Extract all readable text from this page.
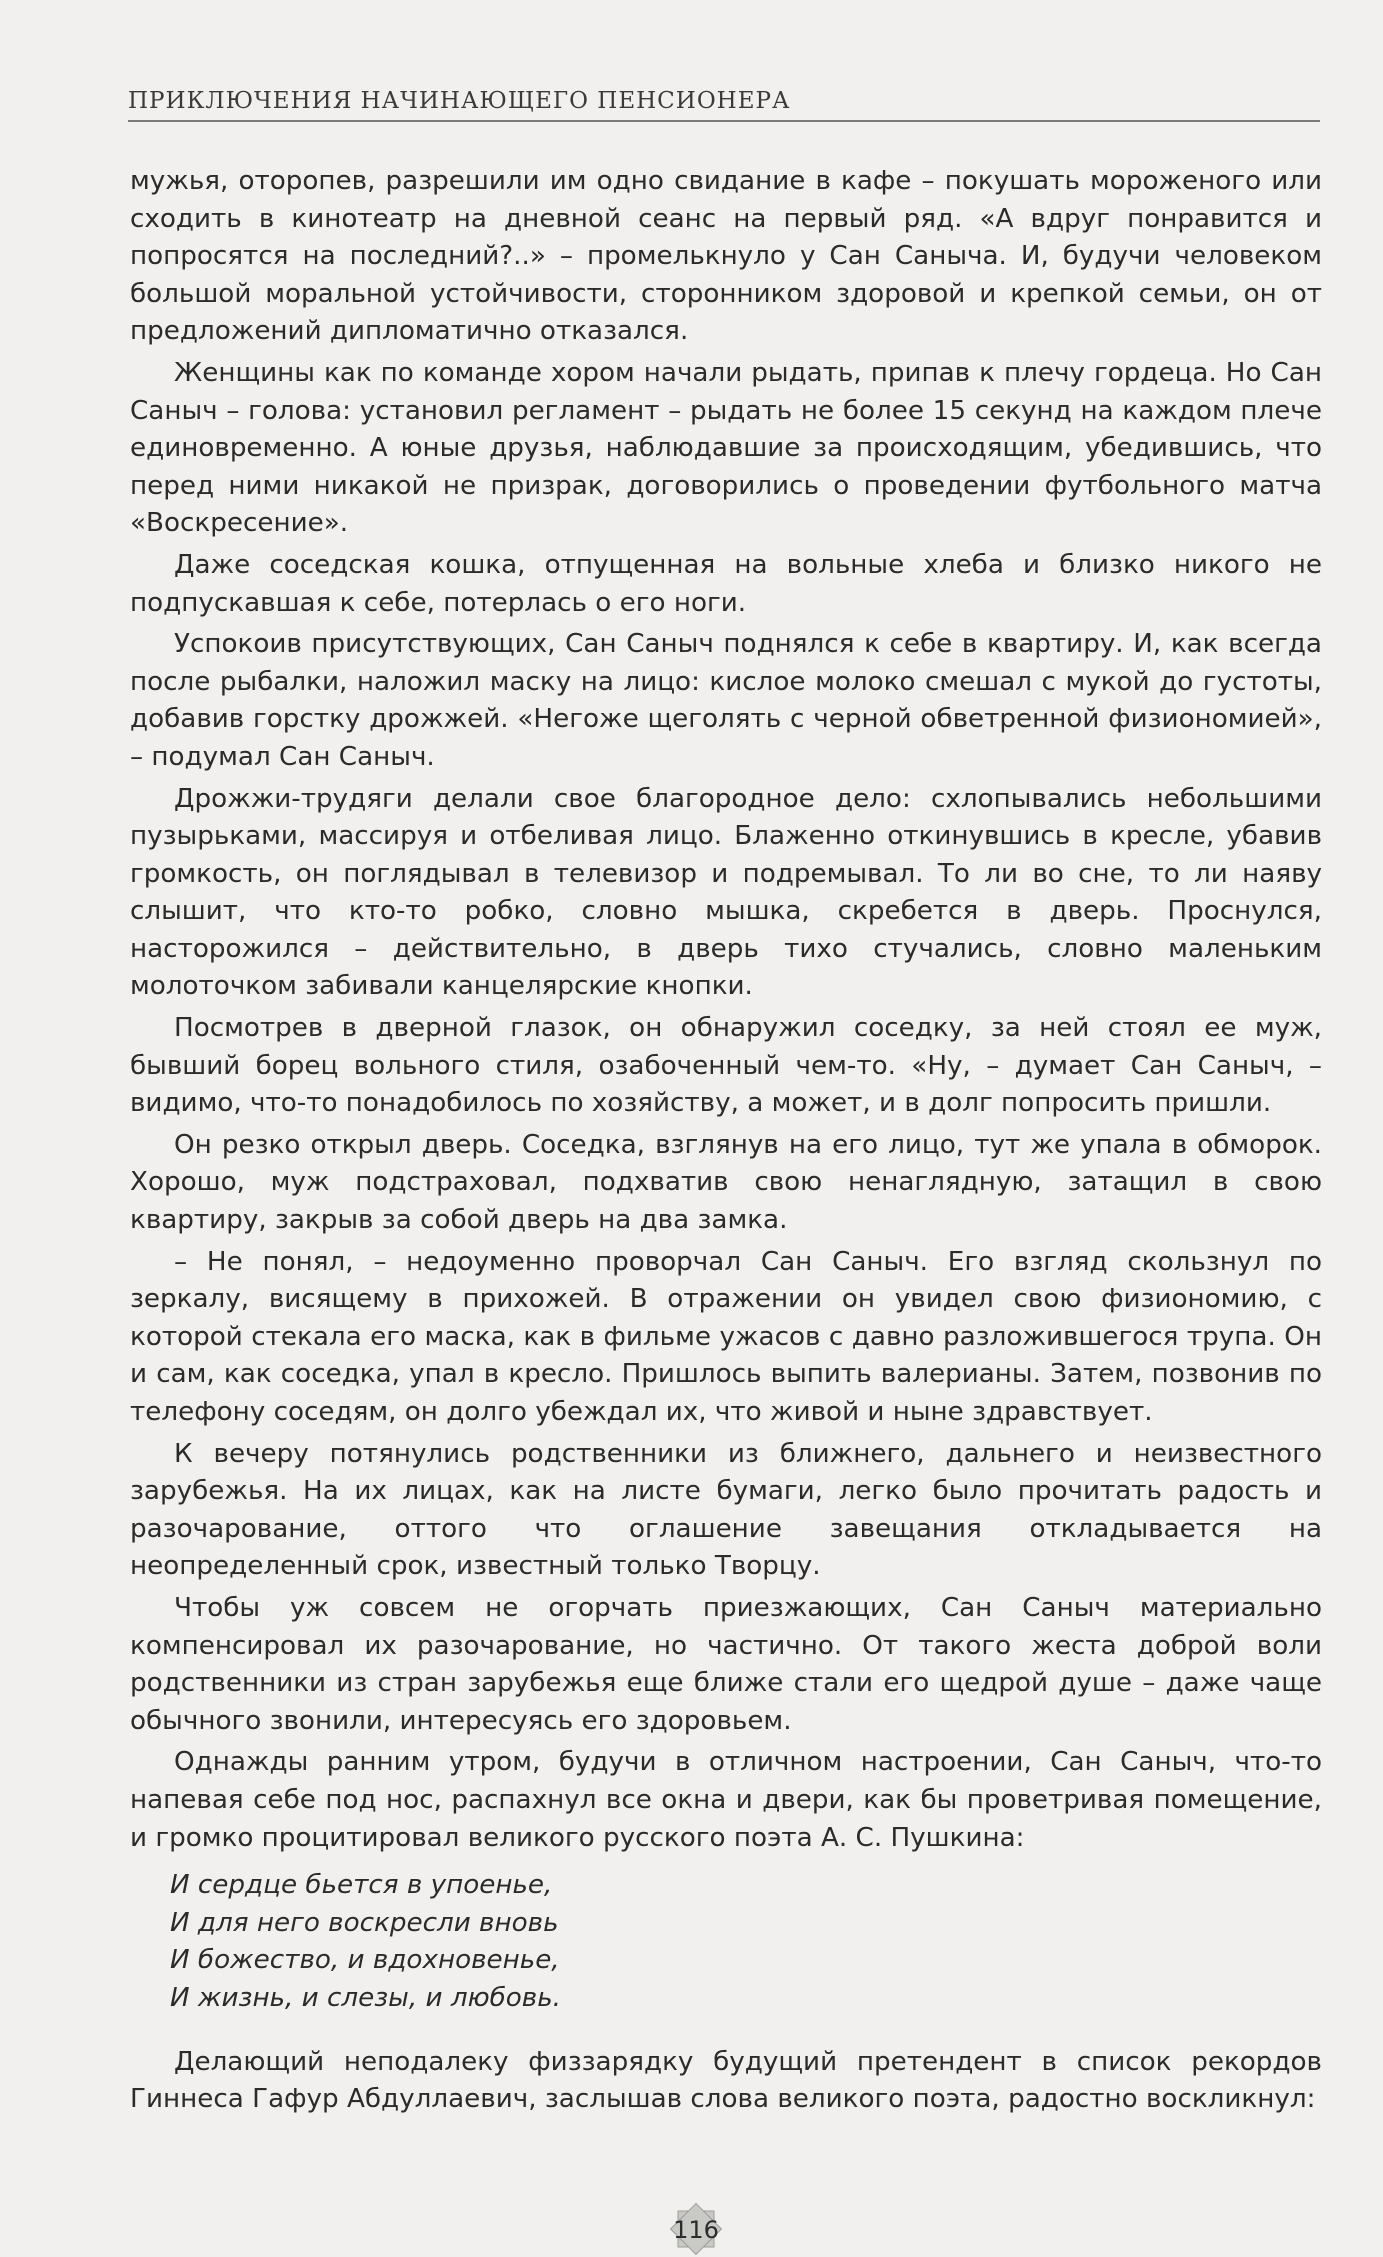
ПРИКЛЮЧЕНИЯ НАЧИНАЮЩЕГО ПЕНСИОНЕРА

мужья, оторопев, разрешили им одно свидание в кафе – покушать мороженого или сходить в кинотеатр на дневной сеанс на первый ряд. «А вдруг понравится и попросятся на последний?..» – промелькнуло у Сан Саныча. И, будучи человеком большой моральной устойчивости, сторонником здоровой и крепкой семьи, он от предложений дипломатично отказался.

Женщины как по команде хором начали рыдать, припав к плечу гордеца. Но Сан Саныч – голова: установил регламент – рыдать не более 15 секунд на каждом плече единовременно. А юные друзья, наблюдавшие за происходящим, убедившись, что перед ними никакой не призрак, договорились о проведении футбольного матча «Воскресение».

Даже соседская кошка, отпущенная на вольные хлеба и близко никого не подпускавшая к себе, потерлась о его ноги.

Успокоив присутствующих, Сан Саныч поднялся к себе в квартиру. И, как всегда после рыбалки, наложил маску на лицо: кислое молоко смешал с мукой до густоты, добавив горстку дрожжей. «Негоже щеголять с черной обветренной физиономией», – подумал Сан Саныч.

Дрожжи-трудяги делали свое благородное дело: схлопывались небольшими пузырьками, массируя и отбеливая лицо. Блаженно откинувшись в кресле, убавив громкость, он поглядывал в телевизор и подремывал. То ли во сне, то ли наяву слышит, что кто-то робко, словно мышка, скребется в дверь. Проснулся, насторожился – действительно, в дверь тихо стучались, словно маленьким молоточком забивали канцелярские кнопки.

Посмотрев в дверной глазок, он обнаружил соседку, за ней стоял ее муж, бывший борец вольного стиля, озабоченный чем-то. «Ну, – думает Сан Саныч, – видимо, что-то понадобилось по хозяйству, а может, и в долг попросить пришли.

Он резко открыл дверь. Соседка, взглянув на его лицо, тут же упала в обморок. Хорошо, муж подстраховал, подхватив свою ненаглядную, затащил в свою квартиру, закрыв за собой дверь на два замка.

– Не понял, – недоуменно проворчал Сан Саныч. Его взгляд скользнул по зеркалу, висящему в прихожей. В отражении он увидел свою физиономию, с которой стекала его маска, как в фильме ужасов с давно разложившегося трупа. Он и сам, как соседка, упал в кресло. Пришлось выпить валерианы. Затем, позвонив по телефону соседям, он долго убеждал их, что живой и ныне здравствует.

К вечеру потянулись родственники из ближнего, дальнего и неизвестного зарубежья. На их лицах, как на листе бумаги, легко было прочитать радость и разочарование, оттого что оглашение завещания откладывается на неопределенный срок, известный только Творцу.

Чтобы уж совсем не огорчать приезжающих, Сан Саныч материально компенсировал их разочарование, но частично. От такого жеста доброй воли родственники из стран зарубежья еще ближе стали его щедрой душе – даже чаще обычного звонили, интересуясь его здоровьем.

Однажды ранним утром, будучи в отличном настроении, Сан Саныч, что-то напевая себе под нос, распахнул все окна и двери, как бы проветривая помещение, и громко процитировал великого русского поэта А. С. Пушкина:

И сердце бьется в упоенье,
И для него воскресли вновь
И божество, и вдохновенье,
И жизнь, и слезы, и любовь.

Делающий неподалеку физзарядку будущий претендент в список рекордов Гиннеса Гафур Абдуллаевич, заслышав слова великого поэта, радостно воскликнул:

116
